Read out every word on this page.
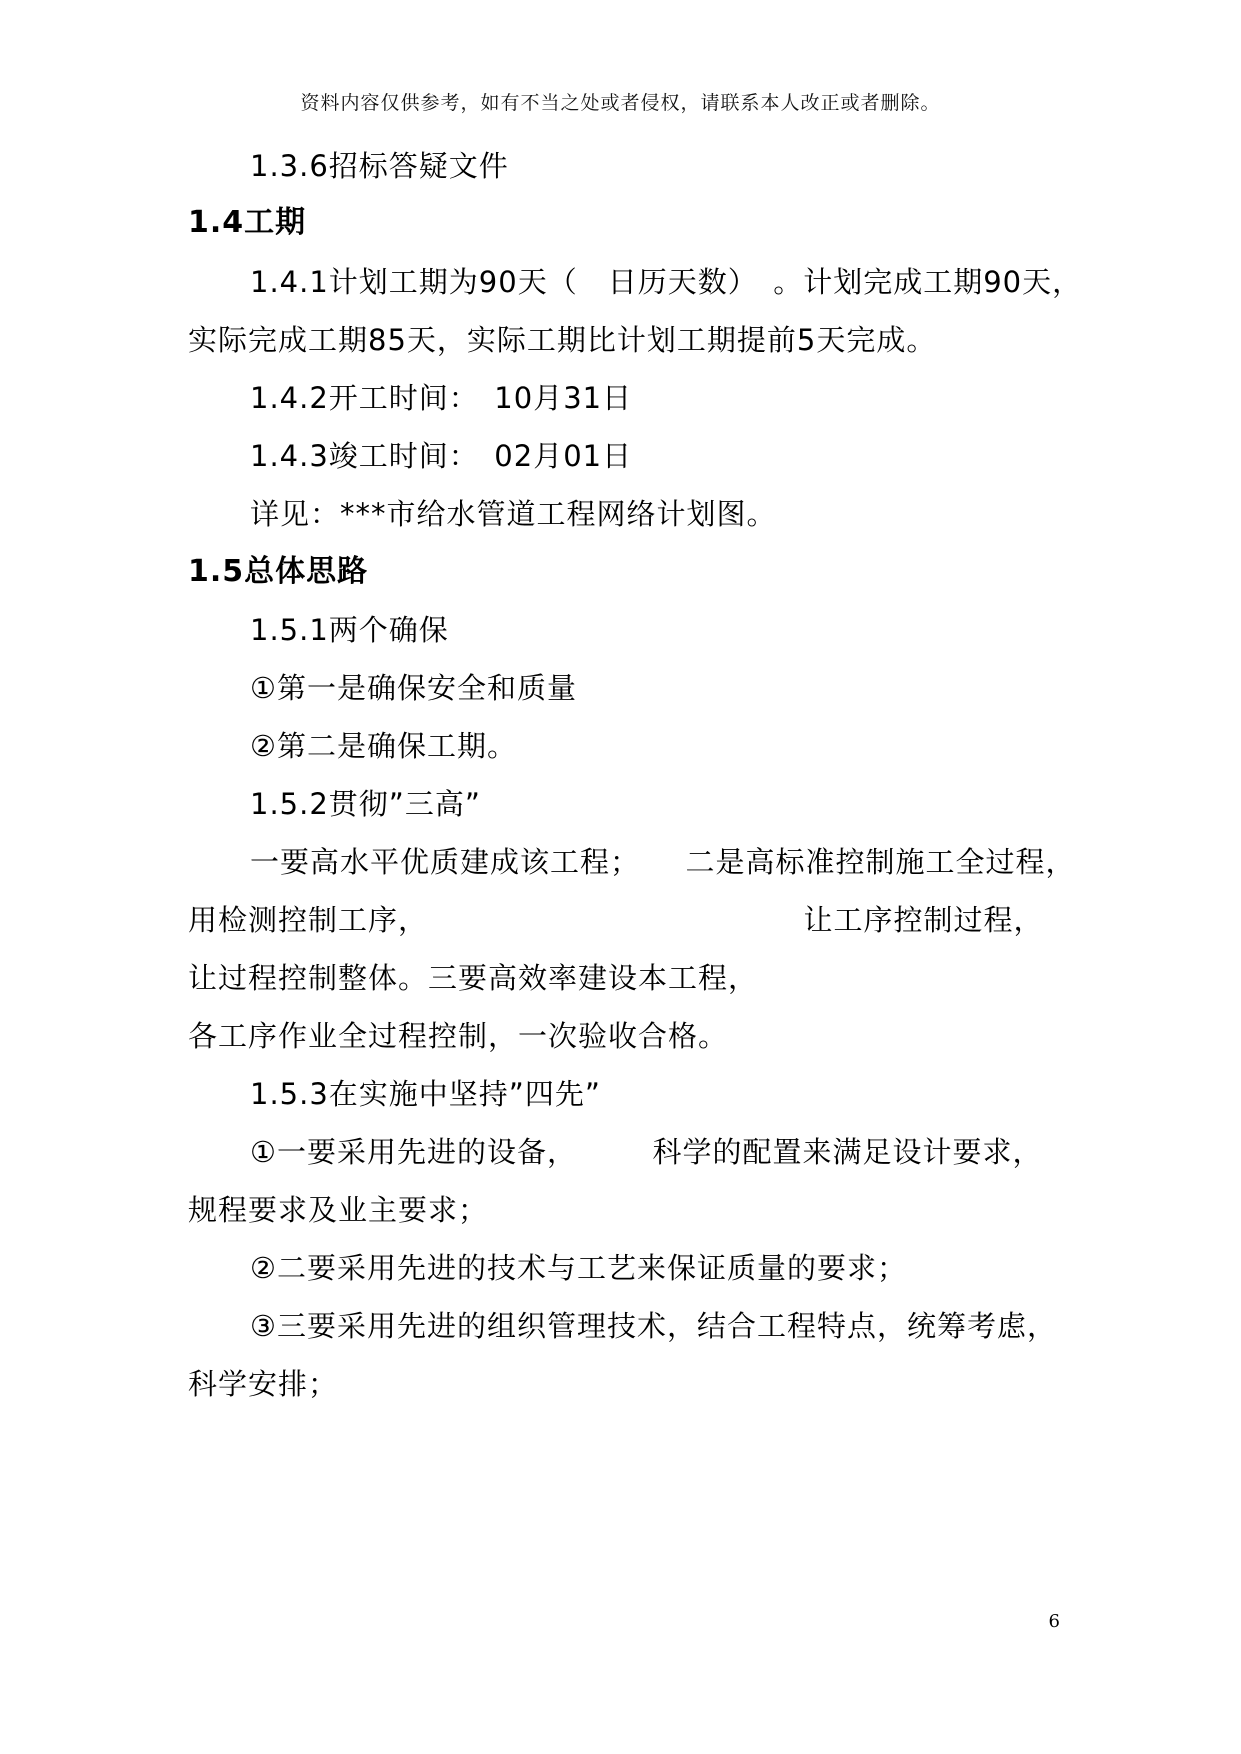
资料内容仅供参考，如有不当之处或者侵权，请联系本人改正或者删除。
1.3.6招标答疑文件
1.4工期
1.4.1计划工期为90天（　日历天数）　。计划完成工期90天，
实际完成工期85天，实际工期比计划工期提前5天完成。
1.4.2开工时间：　10月31日
1.4.3竣工时间：　02月01日
详见：***市给水管道工程网络计划图。
1.5总体思路
1.5.1两个确保
①第一是确保安全和质量
②第二是确保工期。
1.5.2贯彻”三高”
一要高水平优质建成该工程；　　二是高标准控制施工全过程，
用检测控制工序，　　　　　　　　　　　　　让工序控制过程，
让过程控制整体。三要高效率建设本工程，
各工序作业全过程控制，一次验收合格。
1.5.3在实施中坚持”四先”
①一要采用先进的设备，　　　科学的配置来满足设计要求，
规程要求及业主要求；
②二要采用先进的技术与工艺来保证质量的要求；
③三要采用先进的组织管理技术，结合工程特点，统筹考虑，
科学安排；
6
